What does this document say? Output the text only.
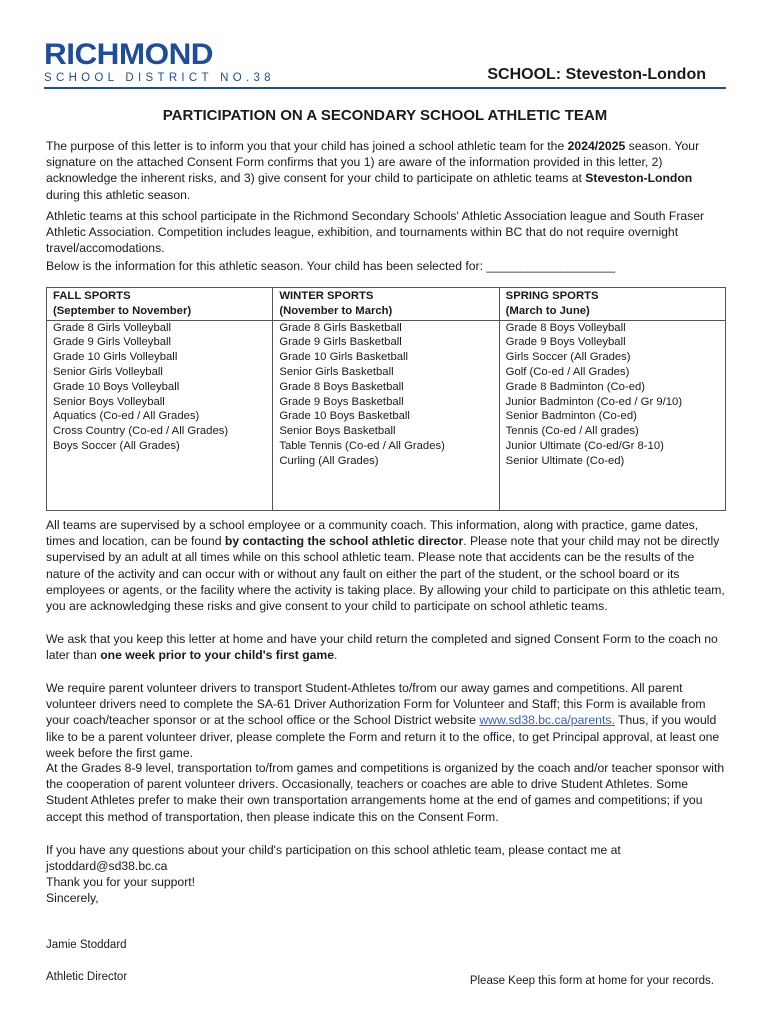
RICHMOND
SCHOOL DISTRICT NO.38	SCHOOL: Steveston-London
PARTICIPATION ON A SECONDARY SCHOOL ATHLETIC TEAM

The purpose of this letter is to inform you that your child has joined a school athletic team for the 2024/2025 season. Your signature on the attached Consent Form confirms that you 1) are aware of the information provided in this letter, 2) acknowledge the inherent risks, and 3) give consent for your child to participate on athletic teams at Steveston-London during this athletic season.

Athletic teams at this school participate in the Richmond Secondary Schools' Athletic Association league and South Fraser Athletic Association. Competition includes league, exhibition, and tournaments within BC that do not require overnight travel/accomodations.

Below is the information for this athletic season. Your child has been selected for: ___________________

FALL SPORTS
(September to November)
Grade 8 Girls Volleyball
Grade 9 Girls Volleyball
Grade 10 Girls Volleyball
Senior Girls Volleyball
Grade 10 Boys Volleyball
Senior Boys Volleyball
Aquatics (Co-ed / All Grades)
Cross Country (Co-ed / All Grades)
Boys Soccer (All Grades)

WINTER SPORTS
(November to March)
Grade 8 Girls Basketball
Grade 9 Girls Basketball
Grade 10 Girls Basketball
Senior Girls Basketball
Grade 8 Boys Basketball
Grade 9 Boys Basketball
Grade 10 Boys Basketball
Senior Boys Basketball
Table Tennis (Co-ed / All Grades)
Curling (All Grades)

SPRING SPORTS
(March to June)
Grade 8 Boys Volleyball
Grade 9 Boys Volleyball
Girls Soccer (All Grades)
Golf (Co-ed / All Grades)
Grade 8 Badminton (Co-ed)
Junior Badminton (Co-ed / Gr 9/10)
Senior Badminton (Co-ed)
Tennis (Co-ed / All grades)
Junior Ultimate (Co-ed/Gr 8-10)
Senior Ultimate (Co-ed)

All teams are supervised by a school employee or a community coach. This information, along with practice, game dates, times and location, can be found by contacting the school athletic director. Please note that your child may not be directly supervised by an adult at all times while on this school athletic team. Please note that accidents can be the results of the nature of the activity and can occur with or without any fault on either the part of the student, or the school board or its employees or agents, or the facility where the activity is taking place. By allowing your child to participate on this athletic team, you are acknowledging these risks and give consent to your child to participate on school athletic teams.

We ask that you keep this letter at home and have your child return the completed and signed Consent Form to the coach no later than one week prior to your child's first game.

We require parent volunteer drivers to transport Student-Athletes to/from our away games and competitions. All parent volunteer drivers need to complete the SA-61 Driver Authorization Form for Volunteer and Staff; this Form is available from your coach/teacher sponsor or at the school office or the School District website www.sd38.bc.ca/parents. Thus, if you would like to be a parent volunteer driver, please complete the Form and return it to the office, to get Principal approval, at least one week before the first game.

At the Grades 8-9 level, transportation to/from games and competitions is organized by the coach and/or teacher sponsor with the cooperation of parent volunteer drivers. Occasionally, teachers or coaches are able to drive Student Athletes. Some Student Athletes prefer to make their own transportation arrangements home at the end of games and competitions; if you accept this method of transportation, then please indicate this on the Consent Form.

If you have any questions about your child's participation on this school athletic team, please contact me at jstoddard@sd38.bc.ca
Thank you for your support!

Sincerely,

Jamie Stoddard
Athletic Director	Please Keep this form at home for your records.
